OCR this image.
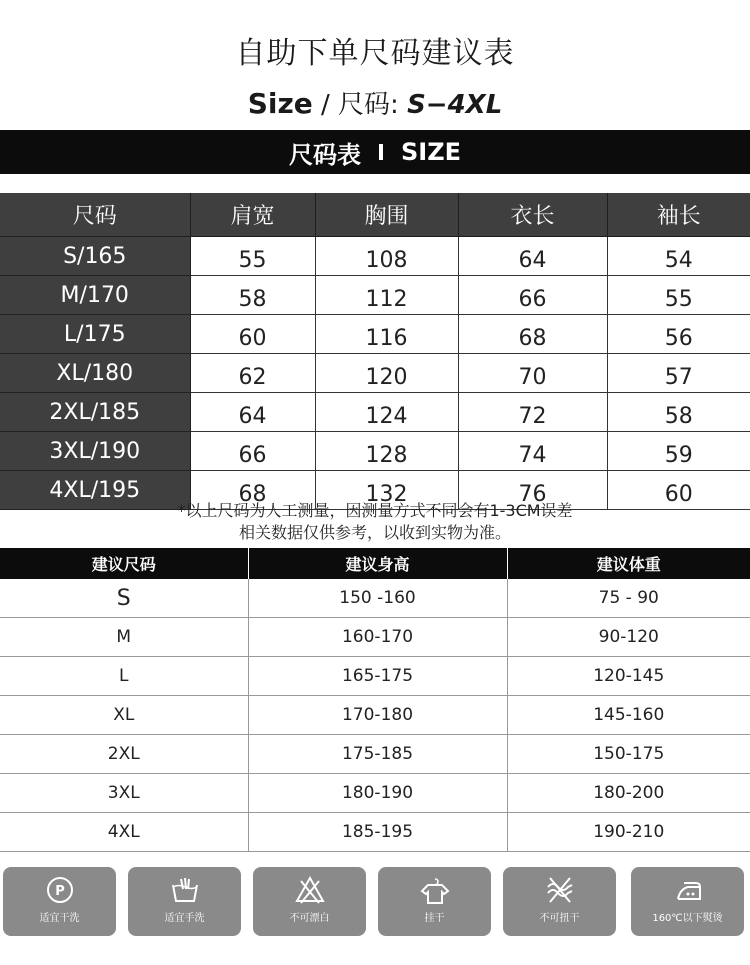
自助下单尺码建议表
Size / 尺码: S−4XL
尺码表 SIZE
尺码	肩宽	胸围	衣长	袖长
S/165	55	108	64	54
M/170	58	112	66	55
L/175	60	116	68	56
XL/180	62	120	70	57
2XL/185	64	124	72	58
3XL/190	66	128	74	59
4XL/195	68	132	76	60
*以上尺码为人工测量，因测量方式不同会有1-3CM误差
相关数据仅供参考，以收到实物为准。
建议尺码	建议身高	建议体重
S	150 -160	75 - 90
M	160-170	90-120
L	165-175	120-145
XL	170-180	145-160
2XL	175-185	150-175
3XL	180-190	180-200
4XL	185-195	190-210
P
适宜干洗	适宜手洗	不可漂白	挂干	不可扭干	160℃以下熨烫
